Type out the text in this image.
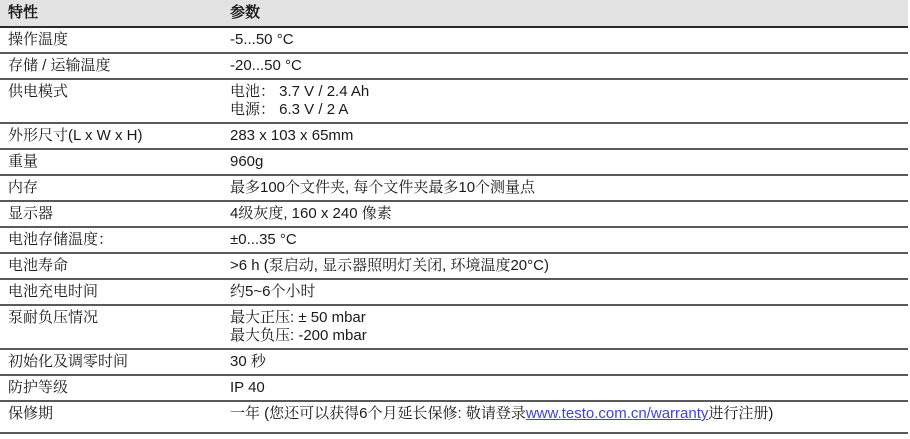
特性	参数
操作温度	-5...50 °C

存储 / 运输温度	-20...50 °C

供电模式	电池： 3.7 V / 2.4 Ah
电源： 6.3 V / 2 A

外形尺寸(L x W x H)	283 x 103 x 65mm

重量	960g

内存	最多100个文件夹, 每个文件夹最多10个测量点

显示器	4级灰度, 160 x 240 像素

电池存储温度：	±0...35 °C

电池寿命	>6 h (泵启动, 显示器照明灯关闭, 环境温度20°C)

电池充电时间	约5~6个小时

泵耐负压情况	最大正压: ± 50 mbar
最大负压: -200 mbar

初始化及调零时间	30 秒

防护等级	IP 40

保修期	一年 (您还可以获得6个月延长保修: 敬请登录www.testo.com.cn/warranty进行注册)
